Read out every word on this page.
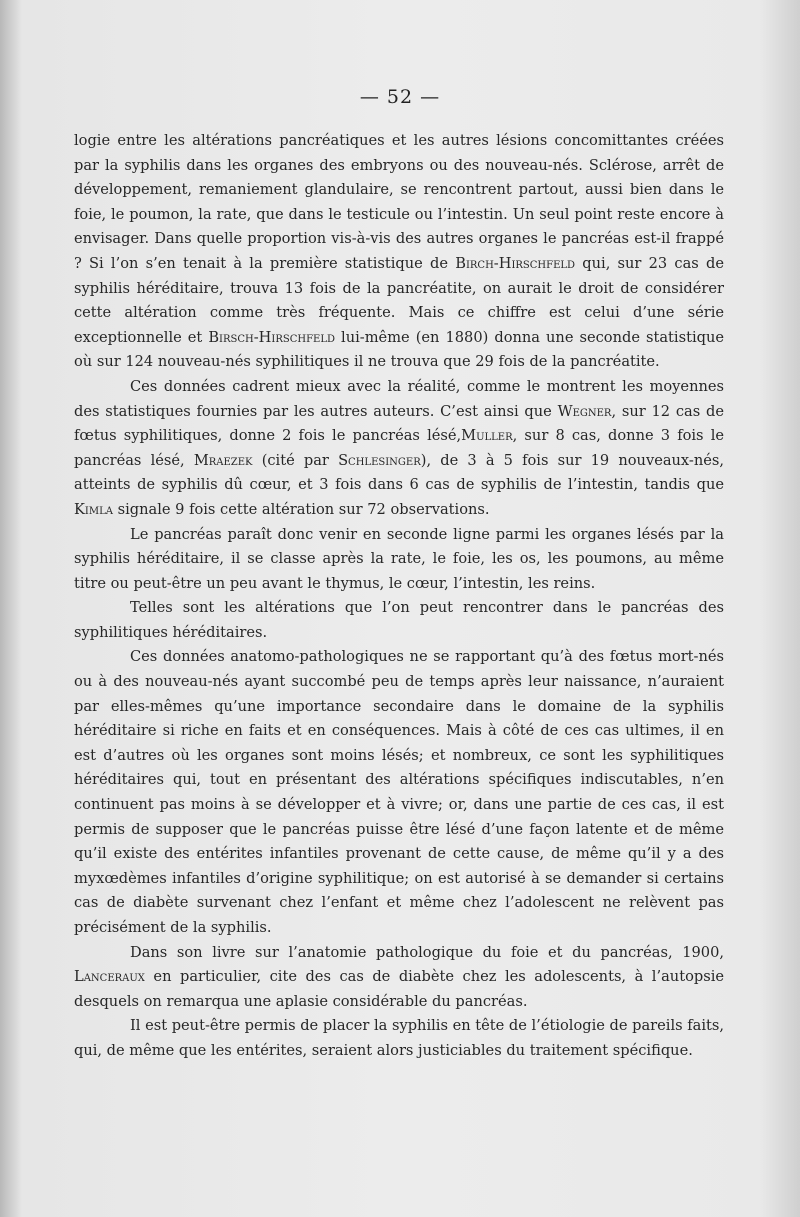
— 52 —

logie entre les altérations pancréatiques et les autres lésions concomittantes créées par la syphilis dans les organes des embryons ou des nouveau-nés. Sclérose, arrêt de développement, remaniement glandulaire, se rencontrent partout, aussi bien dans le foie, le poumon, la rate, que dans le testicule ou l’intestin. Un seul point reste encore à envisager. Dans quelle proportion vis-à-vis des autres organes le pancréas est-il frappé ? Si l’on s’en tenait à la première statistique de Birch-Hirschfeld qui, sur 23 cas de syphilis héréditaire, trouva 13 fois de la pancréatite, on aurait le droit de considérer cette altération comme très fréquente. Mais ce chiffre est celui d’une série exceptionnelle et Birsch-Hirschfeld lui-même (en 1880) donna une seconde statistique où sur 124 nouveau-nés syphilitiques il ne trouva que 29 fois de la pancréatite.

Ces données cadrent mieux avec la réalité, comme le montrent les moyennes des statistiques fournies par les autres auteurs. C’est ainsi que Wegner, sur 12 cas de fœtus syphilitiques, donne 2 fois le pancréas lésé,Muller, sur 8 cas, donne 3 fois le pancréas lésé, Mraezek (cité par Schlesinger), de 3 à 5 fois sur 19 nouveaux-nés, atteints de syphilis dû cœur, et 3 fois dans 6 cas de syphilis de l’intestin, tandis que Kimla signale 9 fois cette altération sur 72 observations.

Le pancréas paraît donc venir en seconde ligne parmi les organes lésés par la syphilis héréditaire, il se classe après la rate, le foie, les os, les poumons, au même titre ou peut-être un peu avant le thymus, le cœur, l’intestin, les reins.

Telles sont les altérations que l’on peut rencontrer dans le pancréas des syphilitiques héréditaires.

Ces données anatomo-pathologiques ne se rapportant qu’à des fœtus mort-nés ou à des nouveau-nés ayant succombé peu de temps après leur naissance, n’auraient par elles-mêmes qu’une importance secondaire dans le domaine de la syphilis héréditaire si riche en faits et en conséquences. Mais à côté de ces cas ultimes, il en est d’autres où les organes sont moins lésés; et nombreux, ce sont les syphilitiques héréditaires qui, tout en présentant des altérations spécifiques indiscutables, n’en continuent pas moins à se développer et à vivre; or, dans une partie de ces cas, il est permis de supposer que le pancréas puisse être lésé d’une façon latente et de même qu’il existe des entérites infantiles provenant de cette cause, de même qu’il y a des myxœdèmes infantiles d’origine syphilitique; on est autorisé à se demander si certains cas de diabète survenant chez l’enfant et même chez l’adolescent ne relèvent pas précisément de la syphilis.

Dans son livre sur l’anatomie pathologique du foie et du pancréas, 1900, Lanceraux en particulier, cite des cas de diabète chez les adolescents, à l’autopsie desquels on remarqua une aplasie considérable du pancréas.

Il est peut-être permis de placer la syphilis en tête de l’étiologie de pareils faits, qui, de même que les entérites, seraient alors justiciables du traitement spécifique.
